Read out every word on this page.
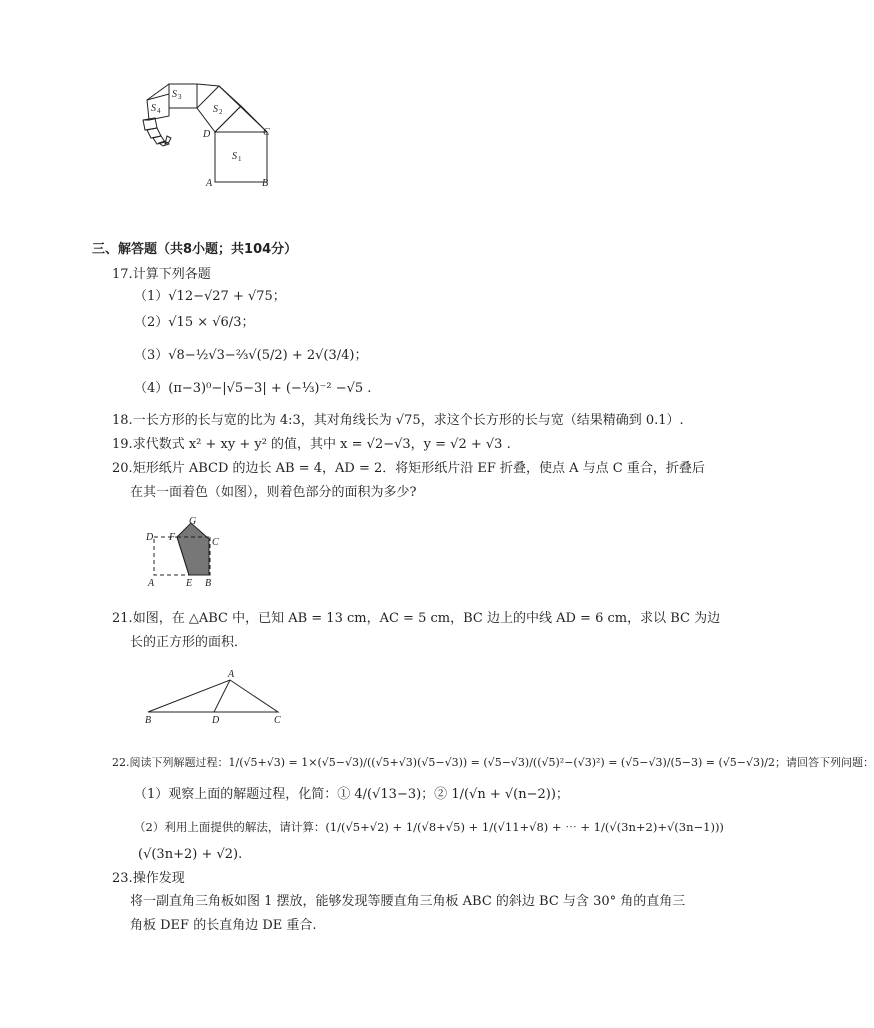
S 3
S 4	S 2
S 1
D	C
A	B
三、解答题（共8小题；共104分）
17.计算下列各题
（1）√12−√27 + √75；
（2）√15 × √6/3；
（3）√8−½√3−⅔√(5/2) + 2√(3/4)；
（4）(π−3)⁰−|√5−3| + (−⅓)⁻² −√5 .
18.一长方形的长与宽的比为 4:3，其对角线长为 √75，求这个长方形的长与宽（结果精确到 0.1）.
19.求代数式 x² + xy + y² 的值，其中 x = √2−√3，y = √2 + √3 .
20.矩形纸片 ABCD 的边长 AB = 4，AD = 2．将矩形纸片沿 EF 折叠，使点 A 与点 C 重合，折叠后
在其一面着色（如图），则着色部分的面积为多少?
D F
G
C
A	E B
21.如图，在 △ABC 中，已知 AB = 13 cm，AC = 5 cm，BC 边上的中线 AD = 6 cm，求以 BC 为边
长的正方形的面积．
A
B	D	C
22.阅读下列解题过程：1/(√5+√3) = 1×(√5−√3)/((√5+√3)(√5−√3)) = (√5−√3)/((√5)²−(√3)²) = (√5−√3)/(5−3) = (√5−√3)/2；请回答下列问题：
（1）观察上面的解题过程，化简：① 4/(√13−3)；② 1/(√n + √(n−2))；
（2）利用上面提供的解法，请计算：(1/(√5+√2) + 1/(√8+√5) + 1/(√11+√8) + ⋯ + 1/(√(3n+2)+√(3n−1)))
(√(3n+2) + √2).
23.操作发现
将一副直角三角板如图 1 摆放，能够发现等腰直角三角板 ABC 的斜边 BC 与含 30° 角的直角三
角板 DEF 的长直角边 DE 重合.
